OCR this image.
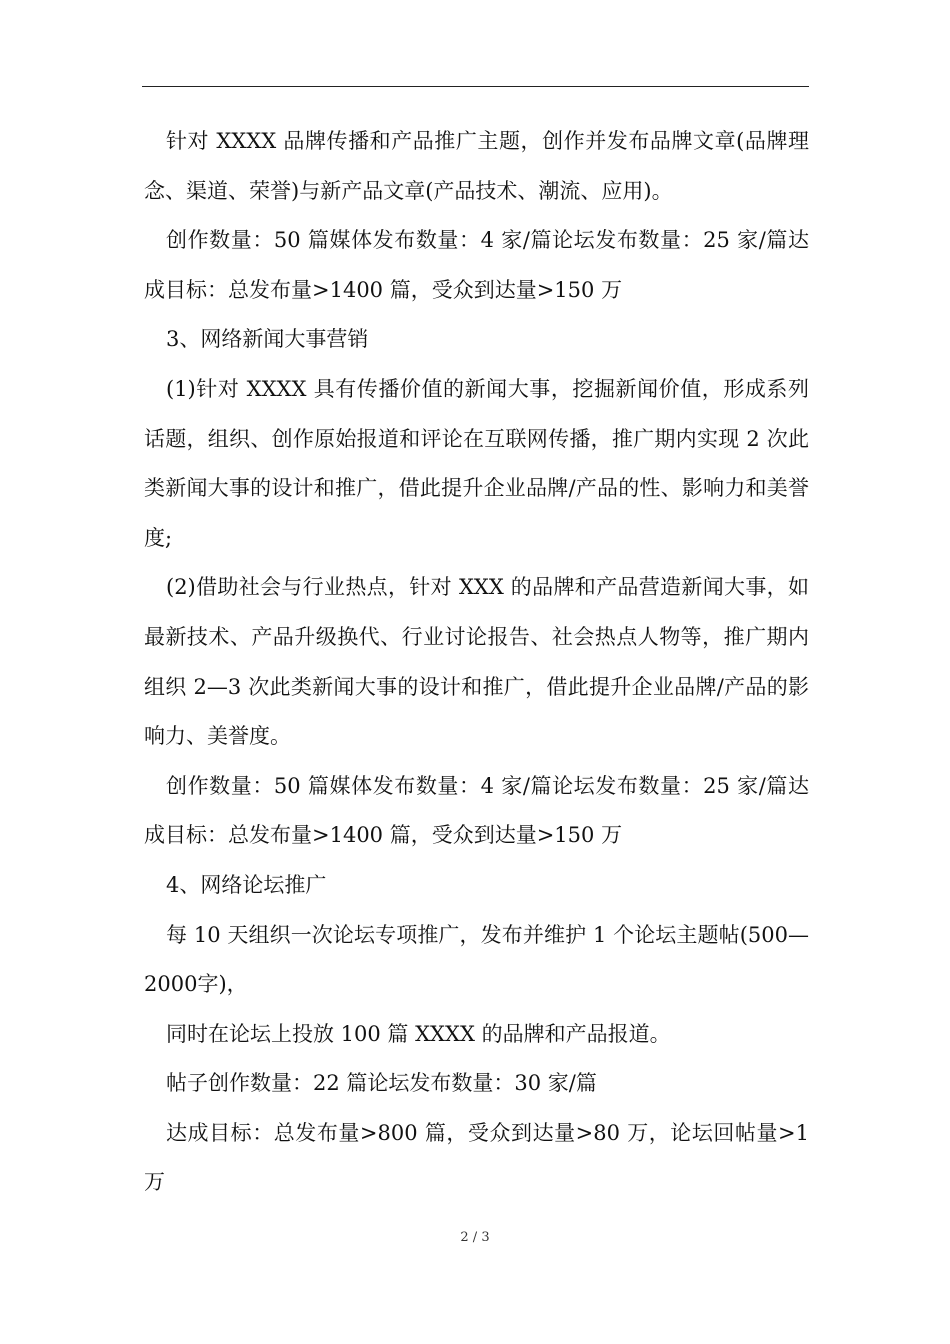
针对 XXXX 品牌传播和产品推广主题，创作并发布品牌文章(品牌理念、渠道、荣誉)与新产品文章(产品技术、潮流、应用)。

创作数量：50 篇媒体发布数量：4 家/篇论坛发布数量：25 家/篇达成目标：总发布量>1400 篇，受众到达量>150 万

3、网络新闻大事营销

(1)针对 XXXX 具有传播价值的新闻大事，挖掘新闻价值，形成系列话题，组织、创作原始报道和评论在互联网传播，推广期内实现 2 次此类新闻大事的设计和推广，借此提升企业品牌/产品的性、影响力和美誉度;

(2)借助社会与行业热点，针对 XXX 的品牌和产品营造新闻大事，如最新技术、产品升级换代、行业讨论报告、社会热点人物等，推广期内组织 2—3 次此类新闻大事的设计和推广，借此提升企业品牌/产品的影响力、美誉度。

创作数量：50 篇媒体发布数量：4 家/篇论坛发布数量：25 家/篇达成目标：总发布量>1400 篇，受众到达量>150 万

4、网络论坛推广

每 10 天组织一次论坛专项推广，发布并维护 1 个论坛主题帖(500—2000字)，

同时在论坛上投放 100 篇 XXXX 的品牌和产品报道。

帖子创作数量：22 篇论坛发布数量：30 家/篇

达成目标：总发布量>800 篇，受众到达量>80 万，论坛回帖量>1 万

2 / 3
